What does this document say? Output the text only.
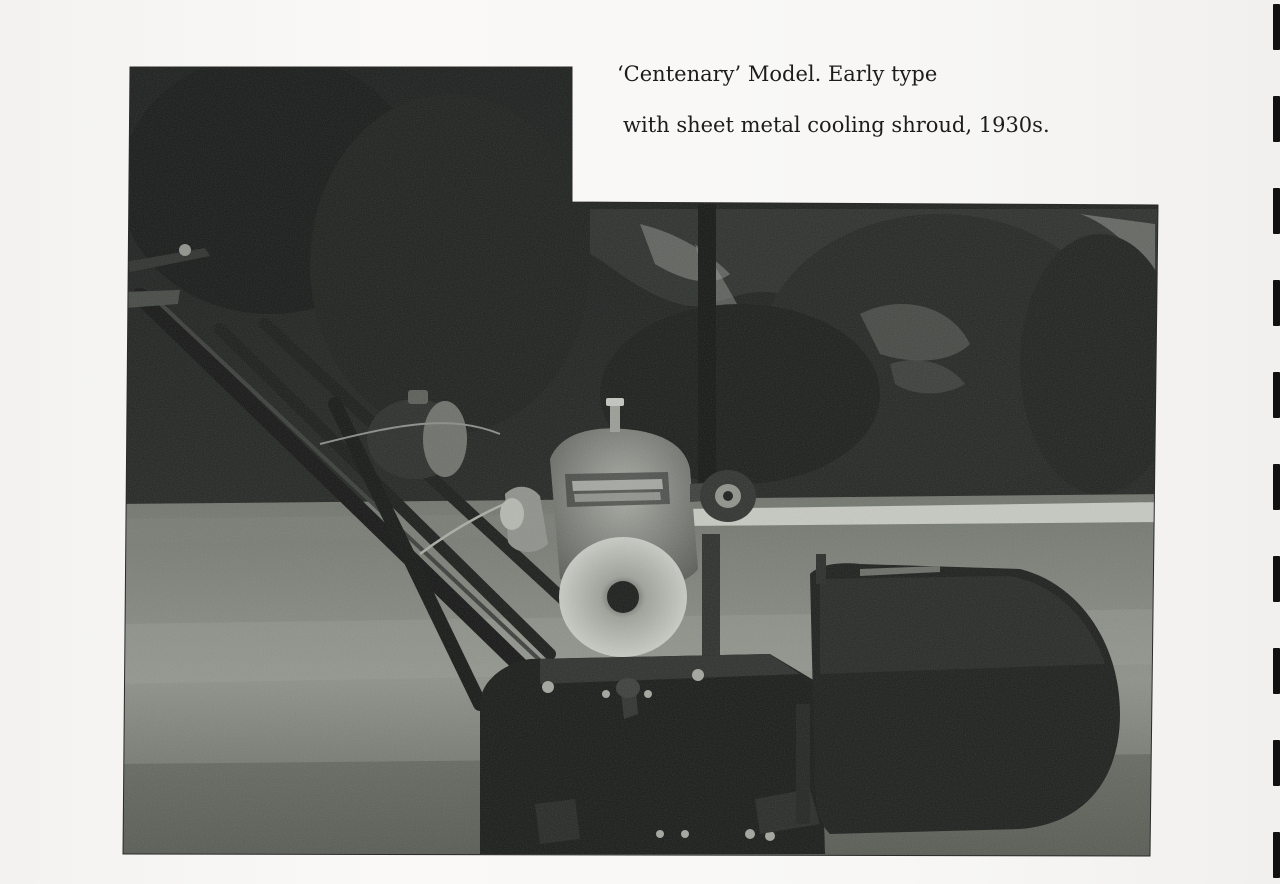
‘Centenary’ Model. Early type
with sheet metal cooling shroud, 1930s.
